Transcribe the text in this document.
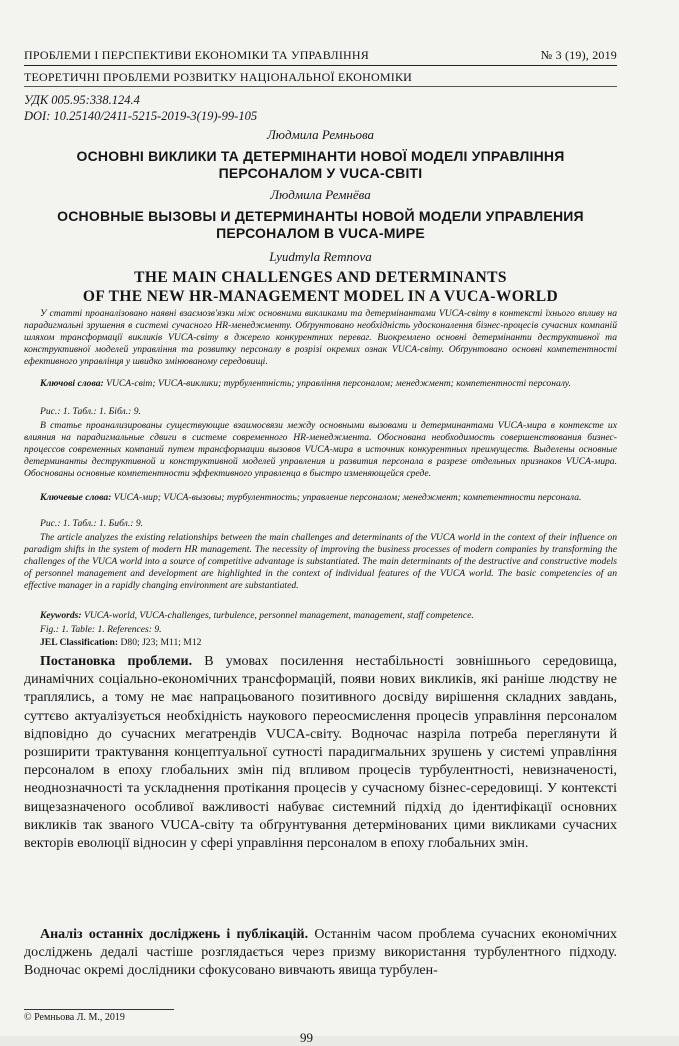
ПРОБЛЕМИ І ПЕРСПЕКТИВИ ЕКОНОМІКИ ТА УПРАВЛІННЯ	№ 3 (19), 2019
ТЕОРЕТИЧНІ ПРОБЛЕМИ РОЗВИТКУ НАЦІОНАЛЬНОЇ ЕКОНОМІКИ
УДК 005.95:338.124.4
DOI: 10.25140/2411-5215-2019-3(19)-99-105
Людмила Ремньова
ОСНОВНІ ВИКЛИКИ ТА ДЕТЕРМІНАНТИ НОВОЇ МОДЕЛІ УПРАВЛІННЯ
ПЕРСОНАЛОМ У VUCA-СВІТІ
Людмила Ремнёва
ОСНОВНЫЕ ВЫЗОВЫ И ДЕТЕРМИНАНТЫ НОВОЙ МОДЕЛИ УПРАВЛЕНИЯ
ПЕРСОНАЛОМ В VUCA-МИРЕ
Lyudmyla Remnova
THE MAIN CHALLENGES AND DETERMINANTS
OF THE NEW HR-MANAGEMENT MODEL IN A VUCA-WORLD
У статті проаналізовано наявні взаємозв'язки між основними викликами та детермінантами VUCA-світу в контексті їхнього впливу на парадигмальні зрушення в системі сучасного HR-менеджменту. Обґрунтовано необхідність удосконалення бізнес-процесів сучасних компаній шляхом трансформації викликів VUCA-світу в джерело конкурентних переваг. Виокремлено основні детермінанти деструктивної та конструктивної моделей управління та розвитку персоналу в розрізі окремих ознак VUCA-світу. Обґрунтовано основні компетентності ефективного управлінця у швидко змінюваному середовищі.
Ключові слова: VUCA-світ; VUCA-виклики; турбулентність; управління персоналом; менеджмент; компетентності персоналу.
Рис.: 1. Табл.: 1. Бібл.: 9.
В статье проанализированы существующие взаимосвязи между основными вызовами и детерминантами VUCA-мира в контексте их влияния на парадигмальные сдвиги в системе современного HR-менеджмента. Обоснована необходимость совершенствования бизнес-процессов современных компаний путем трансформации вызовов VUCA-мира в источник конкурентных преимуществ. Выделены основные детерминанты деструктивной и конструктивной моделей управления и развития персонала в разрезе отдельных признаков VUCA-мира. Обоснованы основные компетентности эффективного управленца в быстро изменяющейся среде.
Ключевые слова: VUCA-мир; VUCA-вызовы; турбулентность; управление персоналом; менеджмент; компетентности персонала.
Рис.: 1. Табл.: 1. Библ.: 9.
The article analyzes the existing relationships between the main challenges and determinants of the VUCA world in the context of their influence on paradigm shifts in the system of modern HR management. The necessity of improving the business processes of modern companies by transforming the challenges of the VUCA world into a source of competitive advantage is substantiated. The main determinants of the destructive and constructive models of personnel management and development are highlighted in the context of individual features of the VUCA world. The basic competencies of an effective manager in a rapidly changing environment are substantiated.
Keywords: VUCA-world, VUCA-challenges, turbulence, personnel management, management, staff competence.
Fig.: 1. Table: 1. References: 9.
JEL Classification: D80; J23; M11; M12
Постановка проблеми. В умовах посилення нестабільності зовнішнього середовища, динамічних соціально-економічних трансформацій, появи нових викликів, які раніше людству не траплялись, а тому не має напрацьованого позитивного досвіду вирішення складних завдань, суттєво актуалізується необхідність наукового переосмислення процесів управління персоналом відповідно до сучасних мегатрендів VUCA-світу. Водночас назріла потреба переглянути й розширити трактування концептуальної сутності парадигмальних зрушень у системі управління персоналом в епоху глобальних змін під впливом процесів турбулентності, невизначеності, неоднозначності та ускладнення протікання процесів у сучасному бізнес-середовищі. У контексті вищезазначеного особливої важливості набуває системний підхід до ідентифікації основних викликів так званого VUCA-світу та обґрунтування детермінованих цими викликами сучасних векторів еволюції відносин у сфері управління персоналом в епоху глобальних змін.
Аналіз останніх досліджень і публікацій. Останнім часом проблема сучасних економічних досліджень дедалі частіше розглядається через призму використання турбулентного підходу. Водночас окремі дослідники сфокусовано вивчають явища турбулен-
© Ремньова Л. М., 2019
99
